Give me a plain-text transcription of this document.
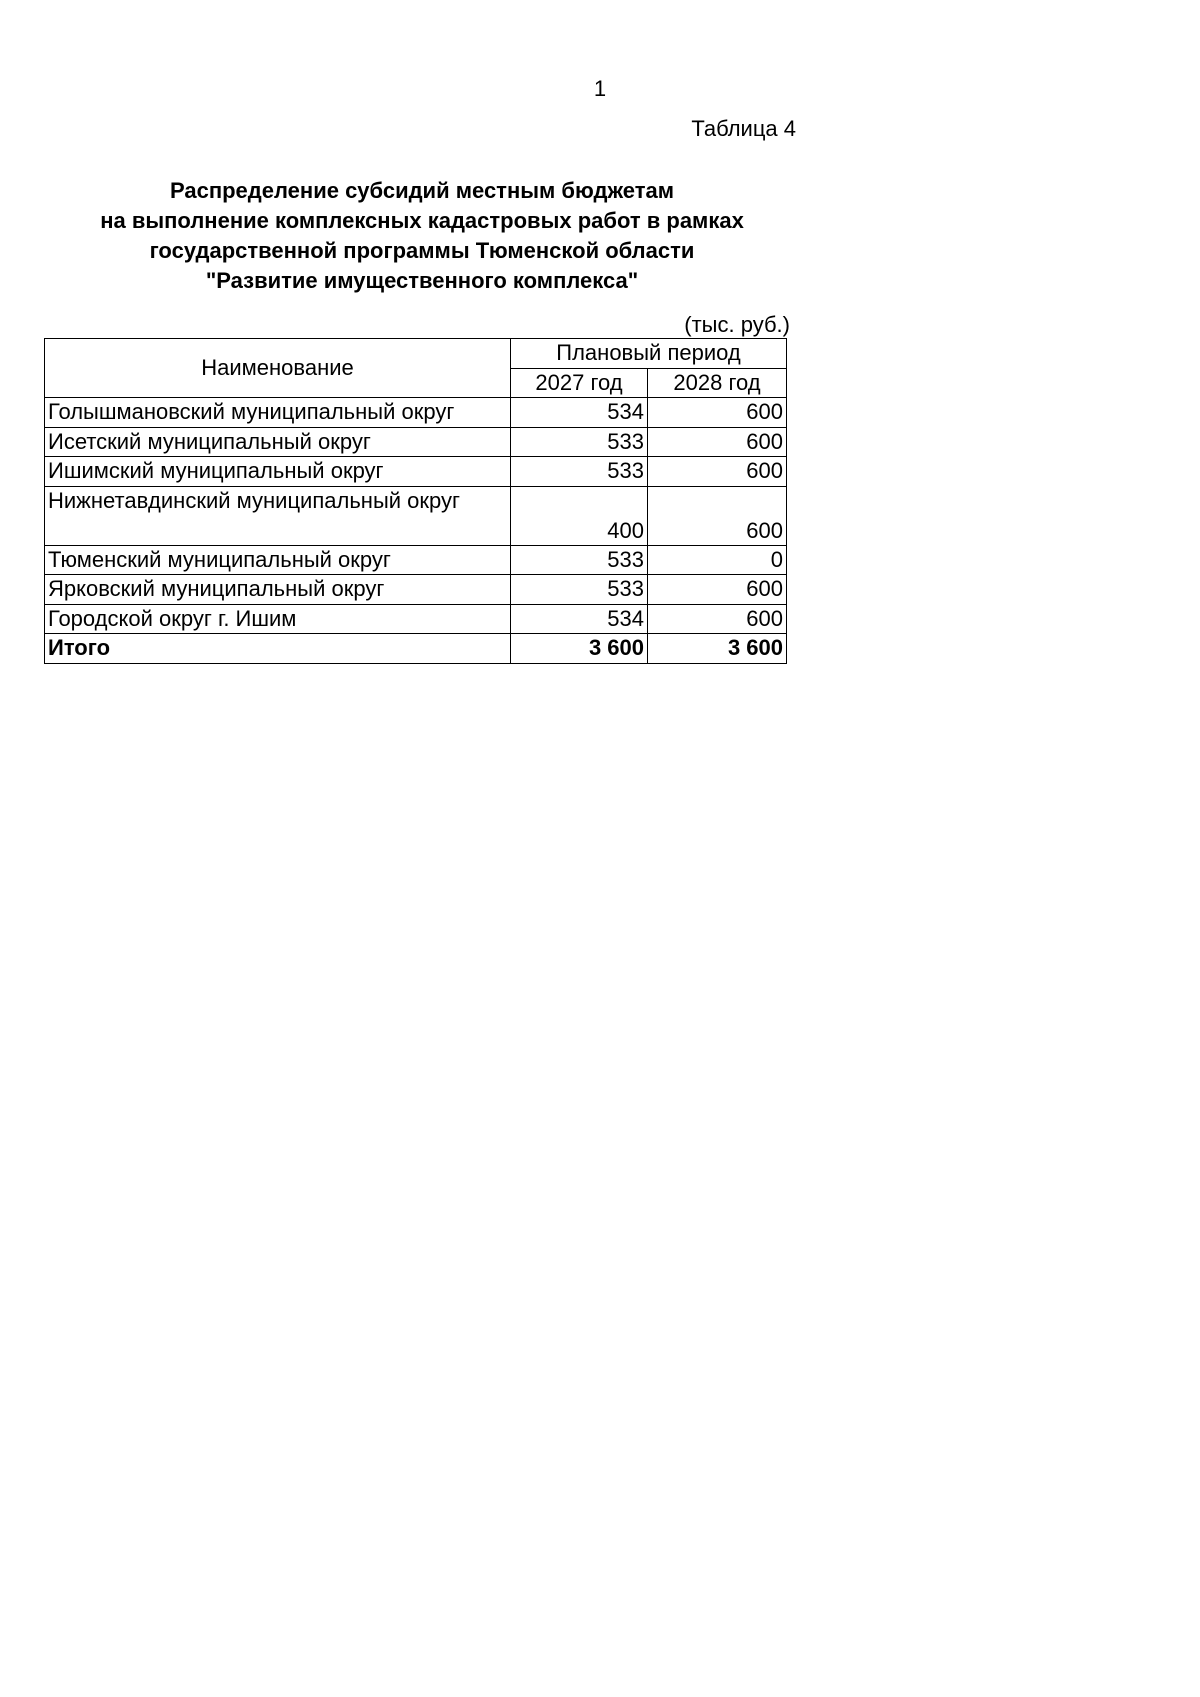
1
Таблица 4
Распределение субсидий местным бюджетам
на выполнение комплексных кадастровых работ в рамках
государственной программы Тюменской области
"Развитие имущественного комплекса"
(тыс. руб.)
Наименование	Плановый период	
	2027 год	2028 год
Голышмановский муниципальный округ	534	600
Исетский муниципальный округ	533	600
Ишимский муниципальный округ	533	600
Нижнетавдинский муниципальный округ	400	600
Тюменский муниципальный округ	533	0
Ярковский муниципальный округ	533	600
Городской округ г. Ишим	534	600
Итого	3 600	3 600
